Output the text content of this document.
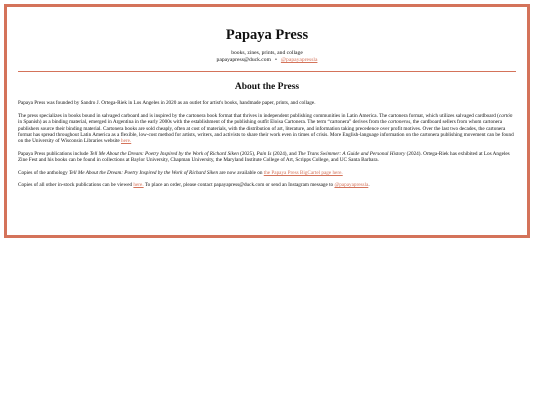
Papaya Press
books, zines, prints, and collage
papayapress@duck.com • @papayapressla
About the Press

Papaya Press was founded by Sandro J. Ortega-Riek in Los Angeles in 2020 as an outlet for artist's books, handmade paper, prints, and collage.

The press specializes in books bound in salvaged carboard and is inspired by the cartonera book format that thrives in independent publishing communities in Latin America. The cartonera format, which utilizes salvaged cardboard (cartón in Spanish) as a binding material, emerged in Argentina in the early 2000s with the establishment of the publishing outfit Eloisa Cartonera. The term “cartonera” derives from the cartoneros, the cardboard sellers from whom cartonera publishers source their binding material. Cartonera books are sold cheaply, often at cost of materials, with the distribution of art, literature, and information taking precedence over profit motives. Over the last two decades, the cartonera format has spread throughout Latin America as a flexible, low-cost method for artists, writers, and activists to share their work even in times of crisis. More English-language information on the cartonera publishing movement can be found on the University of Wisconsin Libraries website here.

Papaya Press publications include Tell Me About the Dream: Poetry Inspired by the Work of Richard Siken (2025), Pain Is (2024), and The Trans Swimmer: A Guide and Personal History (2024). Ortega-Riek has exhibited at Los Angeles Zine Fest and his books can be found in collections at Baylor University, Chapman University, the Maryland Institute College of Art, Scripps College, and UC Santa Barbara.

Copies of the anthology Tell Me About the Dream: Poetry Inspired by the Work of Richard Siken are now available on the Papaya Press BigCartel page here.

Copies of all other in-stock publications can be viewed here. To place an order, please contact papayapress@duck.com or send an Instagram message to @papayapressla.
